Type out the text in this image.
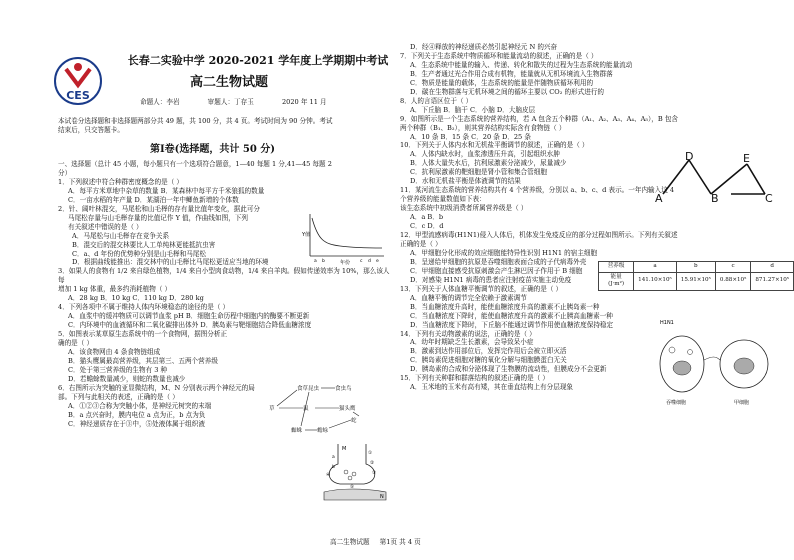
CES
长春二实验中学 2020-2021 学年度上学期期中考试
高二生物试题
命题人：李岩	审题人：丁存玉	2020 年 11 月

本试卷分选择题和非选择题两部分共 49 题，共 100 分，共 4 页。考试时间为 90 分钟。考试

结束后，只交答题卡。

第Ⅰ卷(选择题，共计 50 分)

一、选择题（总计 45 小题，每小题只有一个选项符合题意，1—40 每题 1 分,41—45 每题 2

分）

1．下列叙述中符合种群密度概念的是（ ）

A．每平方米草地中杂草的数量 B．某森林中每平方千米狼狐的数量

C．一亩水稻的年产量 D．某湖泊一年中鲫鱼新增的个体数

2．针、阔叶林混交，马尾松和山毛榉的存有量比值年变化，据此可分

马尾松存量与山毛榉存量的比值记作 Y 值，作曲线如图，下列

有关叙述中错误的是（ ）

A．马尾松与山毛榉存在竞争关系

B．混交后的混交林要比人工单纯林更能抵抗虫害

C．a、d 年份的优势种分别是山毛榉和马尾松

D．根据曲线能推出：混交林中的山毛榉比马尾松更适应当地的环境

3．如果人的食物有 1/2 来自绿色植物，1/4 来自小型肉食动物，1/4 来自羊肉。假如传递效率为 10%，那么该人每

增加 1 kg 体重，最多约消耗植物（ ）

A．28 kg B．10 kg C．110 kg D．280 kg

4．下列各项中不属于维持人体内环境稳态的途径的是（ ）

A．血浆中的缓冲物质可以调节血浆 pH B．细胞生命历程中细胞内的酶要不断更新

C．内环境中的血液循环和二氧化碳排出体外 D．胰岛素与靶细胞结合降低血糖浓度

5．如图表示某草原生态系统中的一个食物网，据图分析正

确的是（ ）

A．该食物网由 4 条食物链组成

B．猫头鹰属最高营养级，其层第三、五两个营养级

C．处于第三营养级的生物有 3 种

D．若蟾蜍数量减少，则蛇的数量也减少

6．右图所示为突触的亚显微结构，M、N 分别表示两个神经元的局

部。下列与此相关的表述，正确的是（ ）

A．①②③合称为突触小体，是神经元树突的末端

B．a 点兴奋时，膜内电位 a 点为正，b 点为负

C．神经递质存在于③中，⑤处液体属于组织液

Y值
年份
a b	c d e
食草昆虫	食虫鸟
猫头鹰
蛇
草	鼠
蟾蜍
蜘蛛
M
N
①
②
③
④
⑤
a
b

D．经④释放的神经递质必然引起神经元 N 的兴奋

7．下列关于生态系统中物质循环和能量流动的叙述，正确的是（ ）

A．生态系统中能量的输入、传递、转化和散失的过程为生态系统的能量流动

B．生产者通过光合作用合成有机物，能量就从无机环境流入生物群落

C．物质是能量的载体，生态系统的能量是伴随物质循环利用的

D．碳在生物群落与无机环境之间的循环主要以 CO₂ 的形式进行的

8．人的言语区位于（ ）

A．下丘脑 B．脑干 C．小脑 D．大脑皮层

9．如图所示是一个生态系统的营养结构，若 A 包含五个种群（A₁、A₂、A₃、A₄、A₅），B 包含

两个种群（B₁、B₂），则其营养结构实际含有食物链（ ）

A．10 条 B．15 条 C．20 条 D．25 条

10．下列关于人体内水和无机盐平衡调节的叙述，正确的是（ ）

A．人体内缺水时，血浆渗透压升高，引起组织水肿

B．人体大量失水后，抗利尿激素分泌减少，尿量减少

C．抗利尿激素的靶细胞是肾小管和集合管细胞

D．水和无机盐平衡是体液调节的结果

11．某河流生态系统的营养结构共有 4 个营养级，分别以 a、b、c、d 表示。一年内输入这 4

个营养级的能量数值如下表：

该生态系统中初级消费者所属营养级是（ ）

A．a B．b

C．c D．d

12．甲型流感病毒(H1N1)侵入人体后，机体发生免疫反应的部分过程如图所示。下列有关叙述

正确的是（ ）

A．甲细胞分化形成的效应细胞能特异性识别 H1N1 的宿主细胞

B．呈递给甲细胞的抗原是吞噬细胞表面合成的子代病毒外壳

C．甲细胞直接感受抗原刺激会产生淋巴因子作用于 B 细胞

D．对感染 H1N1 病毒的患者应注射疫苗实施主动免疫

13．下列关于人体血糖平衡调节的叙述，正确的是（ ）

A．血糖平衡的调节完全依赖于激素调节

B．当血糖浓度升高时，能使血糖浓度升高的激素不止胰岛素一种

C．当血糖浓度下降时，能使血糖浓度升高的激素不止胰高血糖素一种

D．当血糖浓度下降时，下丘脑不能通过调节作用使血糖浓度保持稳定

14．下列有关动物激素的说法，正确的是（ ）

A．幼年时期缺乏生长激素，会导致呆小症

B．激素到达作用部位后，发挥完作用后会被立即灭活

C．胰岛素促进细胞对糖的氧化分解与细胞膜蛋白无关

D．胰岛素的合成和分泌体现了生物膜的流动性，但膜成分不会更新

15．下列有关种群和群落结构的叙述正确的是（ ）

A．玉米地的玉米有高有矮，其在垂直结构上有分层现象

A
D	E
B	C
营养级	a	b	c	d
能量(J·m²)	141.10×10⁵	15.91×10⁵	0.88×10⁵	871.27×10⁵
H1N1
吞噬细胞	甲细胞
高二生物试题 第1页 共 4 页
